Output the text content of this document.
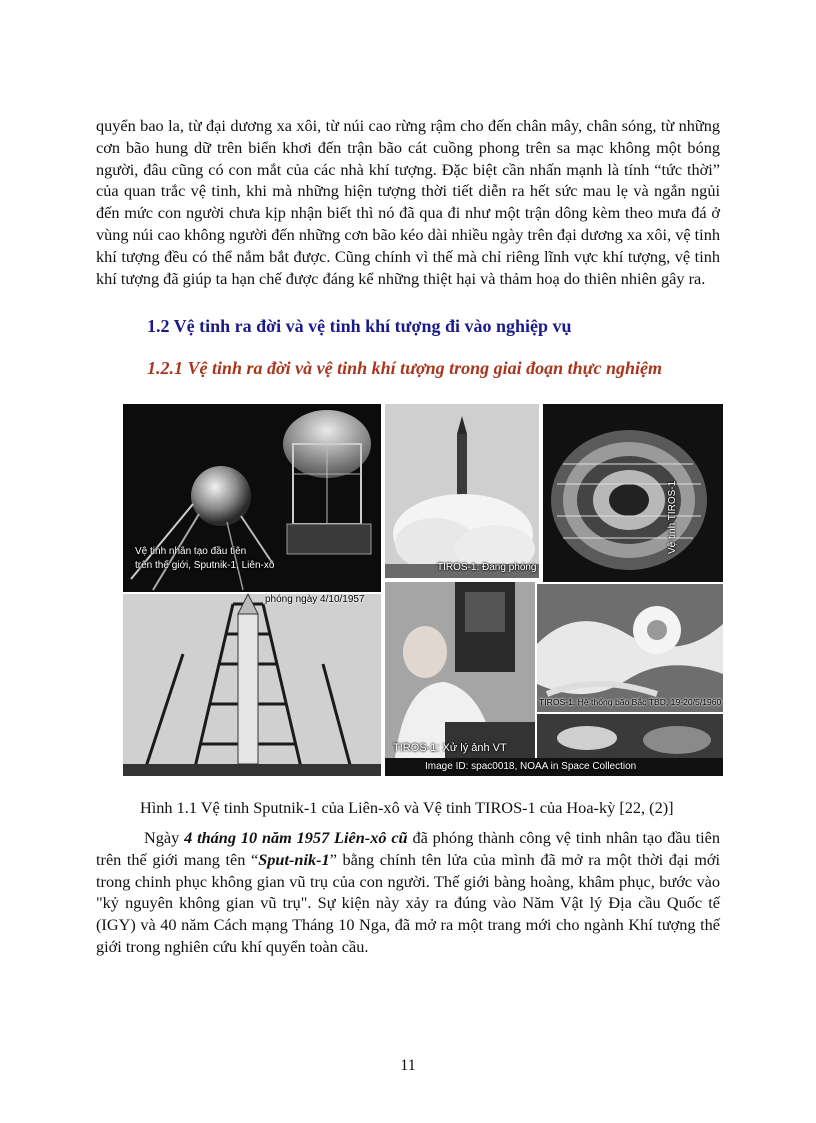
quyển bao la, từ đại dương xa xôi, từ núi cao rừng rậm cho đến chân mây, chân sóng, từ những cơn bão hung dữ trên biển khơi đến trận bão cát cuồng phong trên sa mạc không một bóng người, đâu cũng có con mắt của các nhà khí tượng. Đặc biệt cần nhấn mạnh là tính “tức thời” của quan trắc vệ tinh, khi mà những hiện tượng thời tiết diễn ra hết sức mau lẹ và ngắn ngủi đến mức con người chưa kịp nhận biết thì nó đã qua đi như một trận dông kèm theo mưa đá ở vùng núi cao không người đến những cơn bão kéo dài nhiều ngày trên đại dương xa xôi, vệ tinh khí tượng đều có thể nắm bắt được. Cũng chính vì thế mà chỉ riêng lĩnh vực khí tượng, vệ tinh khí tượng đã giúp ta hạn chế được đáng kể những thiệt hại và thảm hoạ do thiên nhiên gây ra.

1.2 Vệ tinh ra đời và vệ tinh khí tượng đi vào nghiệp vụ
1.2.1 Vệ tinh ra đời và vệ tinh khí tượng trong giai đoạn thực nghiệm
Vệ tinh nhân tạo đầu tiên
trên thế giới, Sputnik-1, Liên-xô	TIROS-1: Đang phóng
Vệ tinh TIROS-1
phóng ngày 4/10/1957
TIROS-1: Xử lý ảnh VT
TIROS-1: Hệ thống bão Bắc TBD, 19-20/5/1960
Image ID: spac0018, NOAA in Space Collection

Hình 1.1 Vệ tinh Sputnik-1 của Liên-xô và Vệ tinh TIROS-1 của Hoa-kỳ [22, (2)]

Ngày 4 tháng 10 năm 1957 Liên-xô cũ đã phóng thành công vệ tinh nhân tạo đầu tiên trên thế giới mang tên “Sput-nik-1” bằng chính tên lửa của mình đã mở ra một thời đại mới trong chinh phục không gian vũ trụ của con người. Thế giới bàng hoàng, khâm phục, bước vào "kỷ nguyên không gian vũ trụ". Sự kiện này xảy ra đúng vào Năm Vật lý Địa cầu Quốc tế (IGY) và 40 năm Cách mạng Tháng 10 Nga, đã mở ra một trang mới cho ngành Khí tượng thế giới trong nghiên cứu khí quyển toàn cầu.

11
